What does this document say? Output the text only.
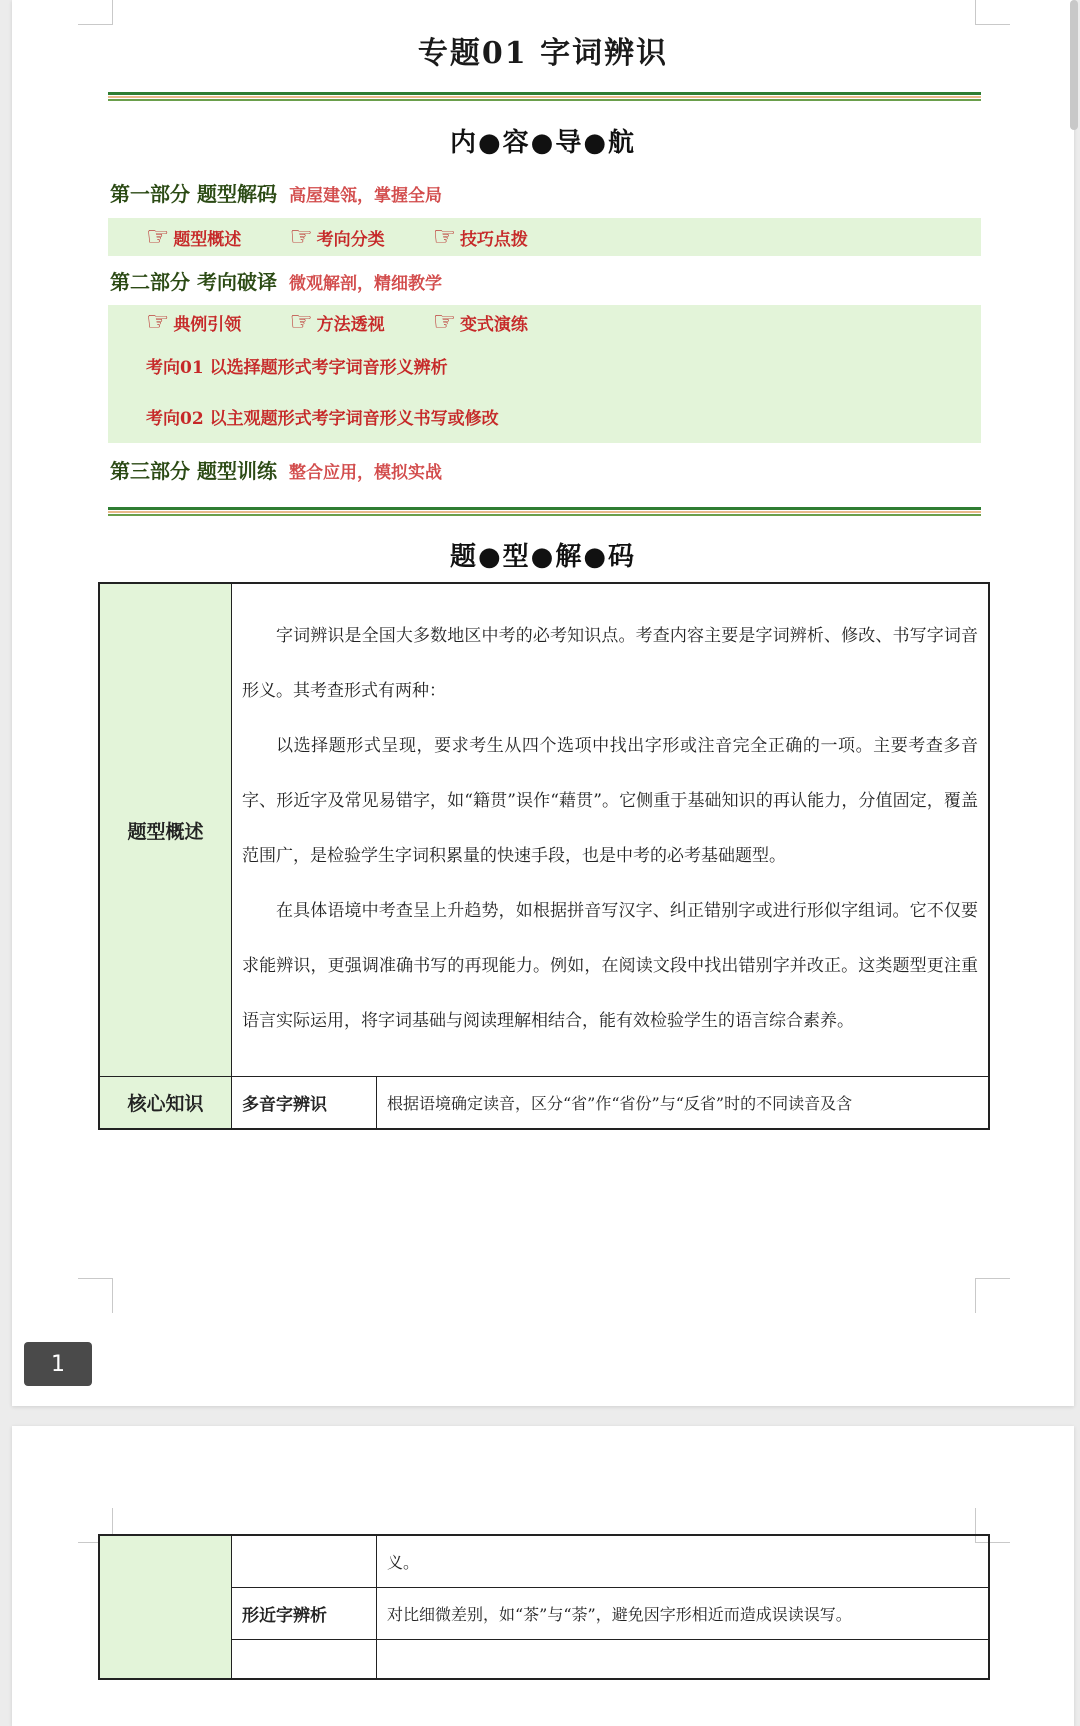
专题01 字词辨识
内●容●导●航
第一部分 题型解码 高屋建瓴，掌握全局
☞ 题型概述 ☞ 考向分类 ☞ 技巧点拨
第二部分 考向破译 微观解剖，精细教学
☞ 典例引领 ☞ 方法透视 ☞ 变式演练
考向01 以选择题形式考字词音形义辨析
考向02 以主观题形式考字词音形义书写或修改
第三部分 题型训练 整合应用，模拟实战
题●型●解●码
题型概述	字词辨识是全国大多数地区中考的必考知识点。考查内容主要是字词辨析、修改、书写字词音形义。其考查形式有两种：

以选择题形式呈现，要求考生从四个选项中找出字形或注音完全正确的一项。主要考查多音字、形近字及常见易错字，如“籍贯”误作“藉贯”。它侧重于基础知识的再认能力，分值固定，覆盖范围广，是检验学生字词积累量的快速手段，也是中考的必考基础题型。

在具体语境中考查呈上升趋势，如根据拼音写汉字、纠正错别字或进行形似字组词。它不仅要求能辨识，更强调准确书写的再现能力。例如，在阅读文段中找出错别字并改正。这类题型更注重语言实际运用，将字词基础与阅读理解相结合，能有效检验学生的语言综合素养。	

核心知识	多音字辨识	根据语境确定读音，区分“省”作“省份”与“反省”时的不同读音及含
1
		义。
	形近字辨析	对比细微差别，如“茶”与“荼”，避免因字形相近而造成误读误写。
